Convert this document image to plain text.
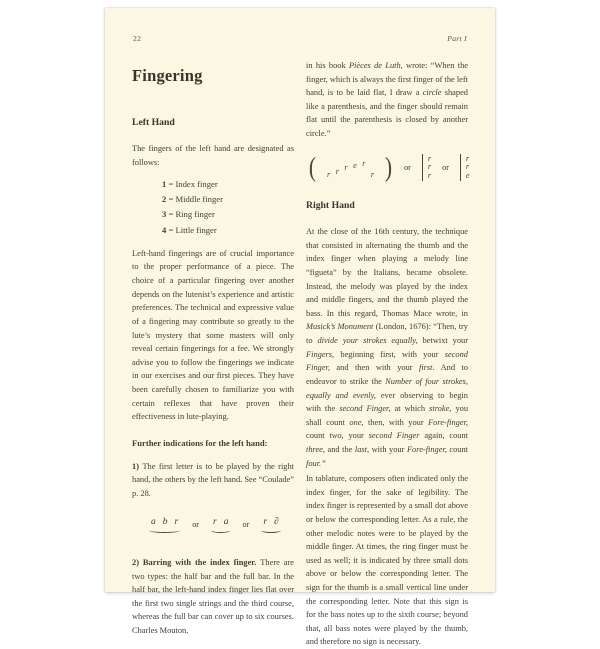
22	Part I
Fingering
Left Hand
The fingers of the left hand are designated as follows:
1 = Index finger
2 = Middle finger
3 = Ring finger
4 = Little finger
Left-hand fingerings are of crucial importance to the proper performance of a piece. The choice of a particular fingering over another depends on the lutenist’s experience and artistic preferences. The technical and expressive value of a fingering may contribute so greatly to the lute’s mystery that some masters will only reveal certain fingerings for a fee. We strongly advise you to follow the fingerings we indicate in our exercises and our first pieces. They have been carefully chosen to familiarize you with certain reflexes that have proven their effectiveness in lute-playing.
Further indications for the left hand:
1) The first letter is to be played by the right hand, the others by the left hand. See “Coulade” p. 28.
a b r or r a or r ∂
2) Barring with the index finger. There are two types: the half bar and the full bar. In the half bar, the left-hand index finger lies flat over the first two single strings and the third course, whereas the full bar can cover up to six courses. Charles Mouton,
in his book Pièces de Luth, wrote: “When the finger, which is always the first finger of the left hand, is to be laid flat, I draw a circle shaped like a parenthesis, and the finger should remain flat until the parenthesis is closed by another circle.”
( r r r e r
r ) or
r
r
r
or
r
r
e
Right Hand
At the close of the 16th century, the technique that consisted in alternating the thumb and the index finger when playing a melody line “figueta” by the Italians, became obsolete. Instead, the melody was played by the index and middle fingers, and the thumb played the bass. In this regard, Thomas Mace wrote, in Musick’s Monument (London, 1676): “Then, try to divide your strokes equally, betwixt your Fingers, beginning first, with your second Finger, and then with your first. And to endeavor to strike the Number of four strokes, equally and evenly, ever observing to begin with the second Finger, at which stroke, you shall count one, then, with your Fore-finger, count two, your second Finger again, count three, and the last, with your Fore-finger, count four.”
In tablature, composers often indicated only the index finger, for the sake of legibility. The index finger is represented by a small dot above or below the corresponding letter. As a rule, the other melodic notes were to be played by the middle finger. At times, the ring finger must be used as well; it is indicated by three small dots above or below the corresponding letter. The sign for the thumb is a small vertical line under the corresponding letter. Note that this sign is for the bass notes up to the sixth course; beyond that, all bass notes were played by the thumb, and therefore no sign is necessary.
